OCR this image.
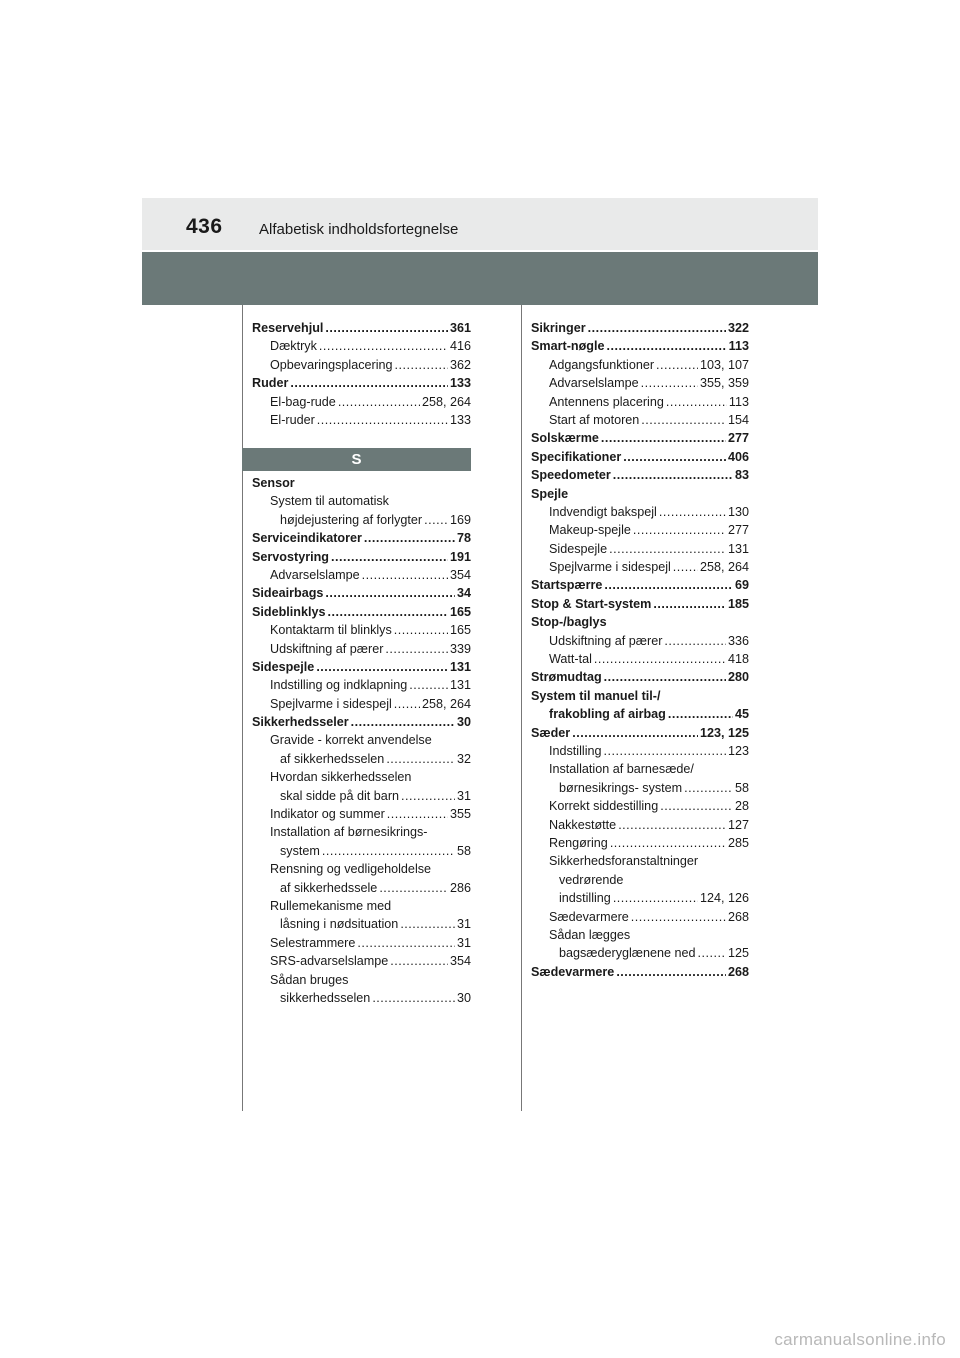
436 Alfabetisk indholdsfortegnelse
Reservehjul .....	361
Dæktryk .....	416
Opbevaringsplacering .....	362
Ruder .....	133
El-bag-rude .....	258, 264
El-ruder .....	133
S
Sensor
System til automatisk
højdejustering af forlygter ..... 169
Serviceindikatorer .....	78
Servostyring .....	191
Advarselslampe .....	354
Sideairbags .....	34
Sideblinklys .....	165
Kontaktarm til blinklys .....	165
Udskiftning af pærer .....	339
Sidespejle .....	131
Indstilling og indklapning .....	131
Spejlvarme i sidespejl ..... 258, 264
Sikkerhedsseler .....	30
Gravide - korrekt anvendelse
af sikkerhedsselen .....	32
Hvordan sikkerhedsselen
skal sidde på dit barn .....	31
Indikator og summer .....	355
Installation af børnesikrings-
system .....	58
Rensning og vedligeholdelse
af sikkerhedssele .....	286
Rullemekanisme med
låsning i nødsituation .....	31
Selestrammere .....	31
SRS-advarselslampe .....	354
Sådan bruges
sikkerhedsselen .....	30
Sikringer .....	322
Smart-nøgle .....	113
Adgangsfunktioner .....	103, 107
Advarselslampe .....	355, 359
Antennens placering .....	113
Start af motoren .....	154
Solskærme .....	277
Specifikationer .....	406
Speedometer .....	83
Spejle
Indvendigt bakspejl .....	130
Makeup-spejle .....	277
Sidespejle .....	131
Spejlvarme i sidespejl ..... 258, 264
Startspærre .....	69
Stop & Start-system .....	185
Stop-/baglys
Udskiftning af pærer .....	336
Watt-tal .....	418
Strømudtag .....	280
System til manuel til-/
frakobling af airbag .....	45
Sæder .....	123, 125
Indstilling .....	123
Installation af barnesæde/
børnesikrings- system .....	58
Korrekt siddestilling .....	28
Nakkestøtte .....	127
Rengøring .....	285
Sikkerhedsforanstaltninger
vedrørende
indstilling .....	124, 126
Sædevarmere .....	268
Sådan lægges
bagsæderyglænene ned .....	125
Sædevarmere .....	268
carmanualsonline.info
